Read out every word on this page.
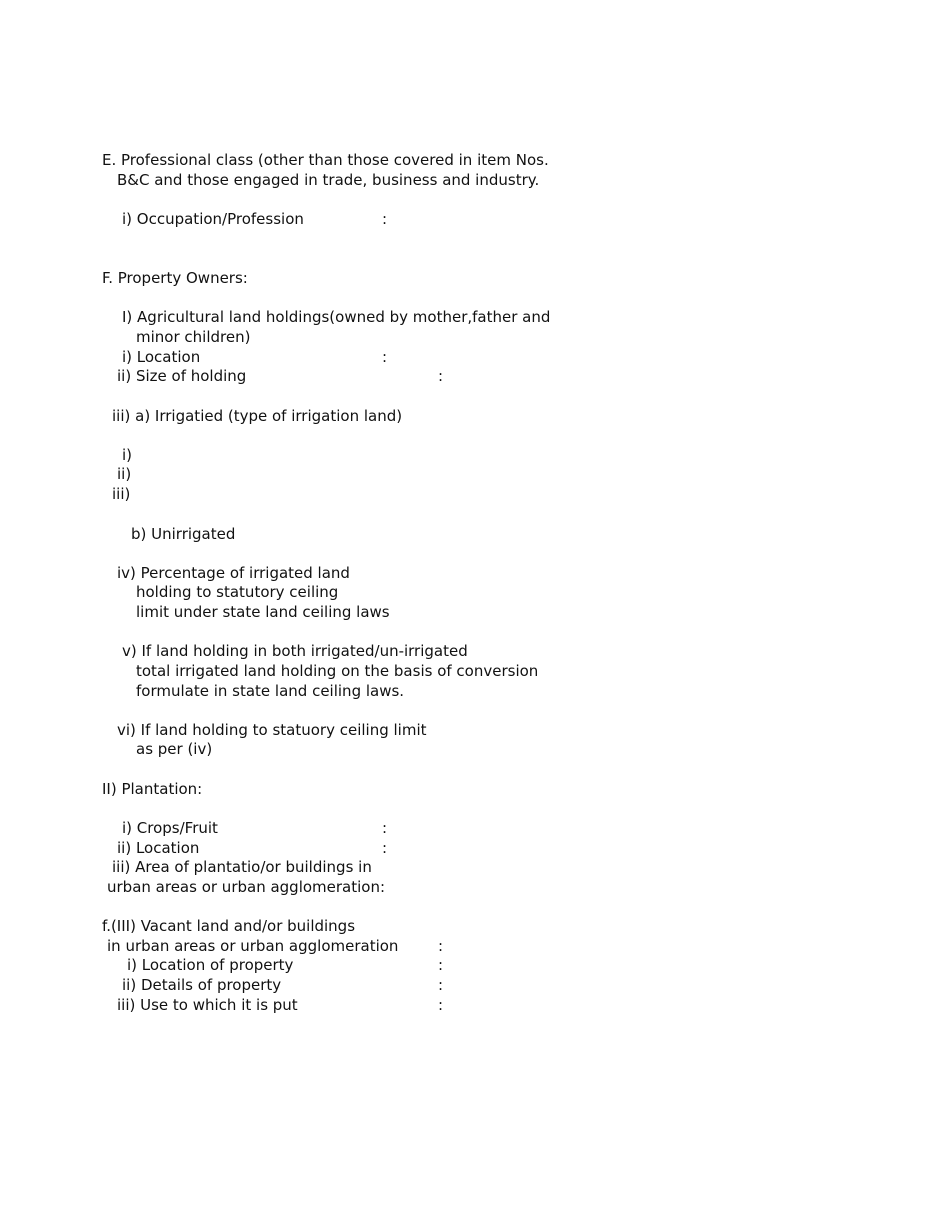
E. Professional class (other than those covered in item Nos.
B&C and those engaged in trade, business and industry.
i) Occupation/Profession	:
F. Property Owners:
I) Agricultural land holdings(owned by mother,father and
minor children)
i) Location	:
ii) Size of holding	:
iii) a) Irrigatied (type of irrigation land)
i)
ii)
iii)
b) Unirrigated
iv) Percentage of irrigated land
holding to statutory ceiling
limit under state land ceiling laws
v) If land holding in both irrigated/un-irrigated
total irrigated land holding on the basis of conversion
formulate in state land ceiling laws.
vi) If land holding to statuory ceiling limit
as per (iv)
II) Plantation:
i) Crops/Fruit	:
ii) Location	:
iii) Area of plantatio/or buildings in
urban areas or urban agglomeration:
f.(III) Vacant land and/or buildings
in urban areas or urban agglomeration	:
i) Location of property	:
ii) Details of property	:
iii) Use to which it is put	:
